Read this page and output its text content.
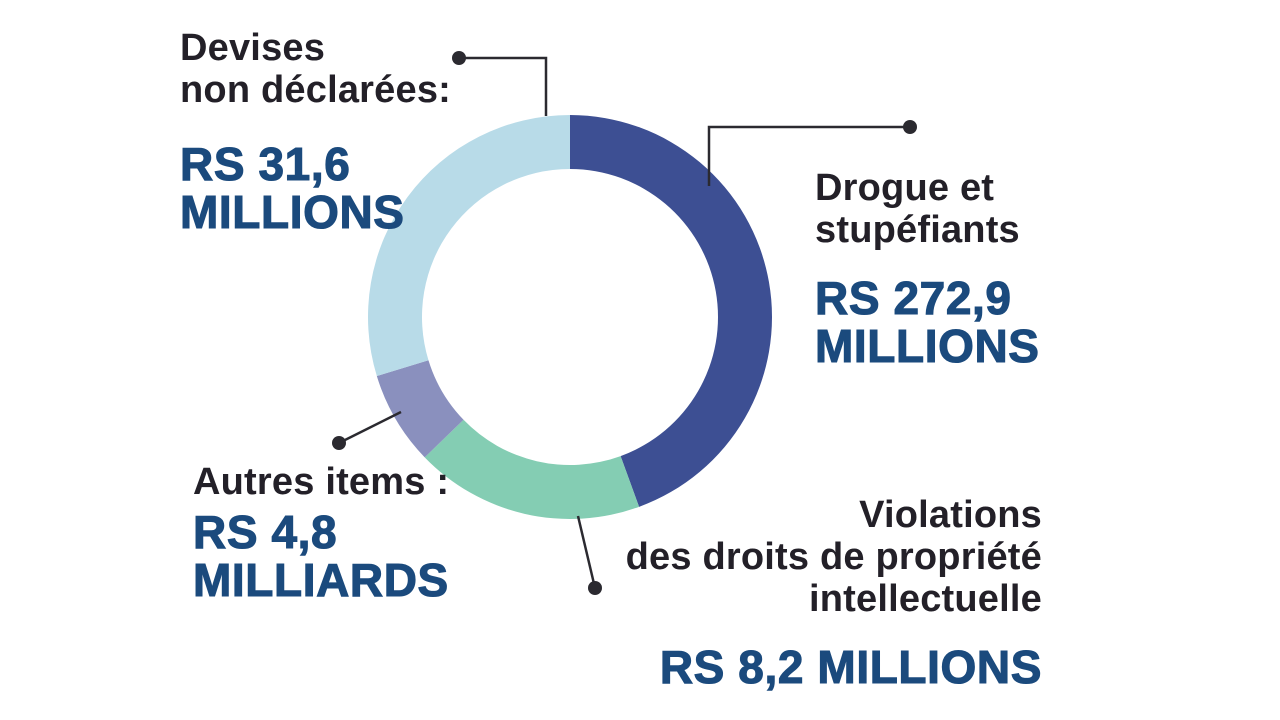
Devises
non déclarées:
RS 31,6
MILLIONS	Drogue et
stupéfiants
RS 272,9
MILLIONS
Autres items :
RS 4,8
MILLIARDS
Violations
des droits de propriété
intellectuelle
RS 8,2 MILLIONS
